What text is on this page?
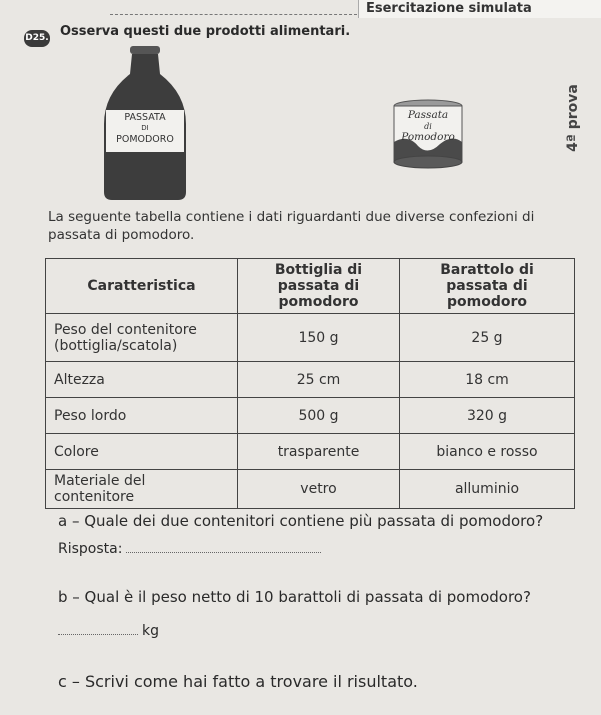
Esercitazione simulata
D25. Osserva questi due prodotti alimentari.
PASSATA
DI
POMODORO
Passata
di
Pomodoro	4ª prova
La seguente tabella contiene i dati riguardanti due diverse confezioni di passata di pomodoro.
Caratteristica	Bottiglia di passata di pomodoro	Barattolo di passata di pomodoro
Peso del contenitore (bottiglia/scatola)	150 g	25 g
Altezza	25 cm	18 cm
Peso lordo	500 g	320 g
Colore	trasparente	bianco e rosso
Materiale del contenitore	vetro	alluminio
a – Quale dei due contenitori contiene più passata di pomodoro?
Risposta:
b – Qual è il peso netto di 10 barattoli di passata di pomodoro?
kg
c – Scrivi come hai fatto a trovare il risultato.
